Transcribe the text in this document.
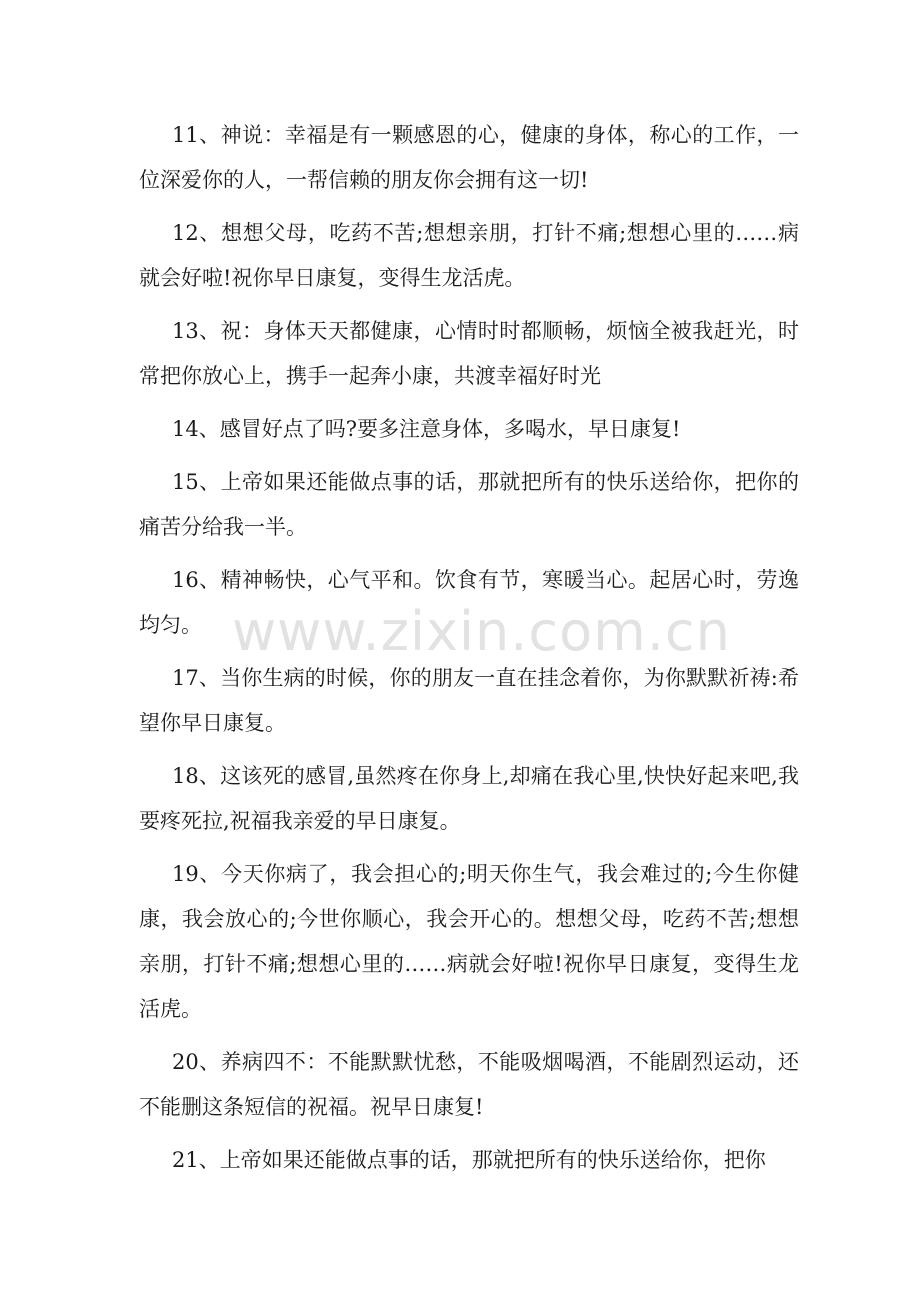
11、神说：幸福是有一颗感恩的心，健康的身体，称心的工作，一位深爱你的人，一帮信赖的朋友你会拥有这一切!

12、想想父母，吃药不苦;想想亲朋，打针不痛;想想心里的……病就会好啦!祝你早日康复，变得生龙活虎。

13、祝：身体天天都健康，心情时时都顺畅，烦恼全被我赶光，时常把你放心上，携手一起奔小康，共渡幸福好时光

14、感冒好点了吗?要多注意身体，多喝水，早日康复!

15、上帝如果还能做点事的话，那就把所有的快乐送给你，把你的痛苦分给我一半。

16、精神畅快，心气平和。饮食有节，寒暖当心。起居心时，劳逸均匀。

17、当你生病的时候，你的朋友一直在挂念着你，为你默默祈祷:希望你早日康复。

18、这该死的感冒,虽然疼在你身上,却痛在我心里,快快好起来吧,我要疼死拉,祝福我亲爱的早日康复。

19、今天你病了，我会担心的;明天你生气，我会难过的;今生你健康，我会放心的;今世你顺心，我会开心的。想想父母，吃药不苦;想想亲朋，打针不痛;想想心里的……病就会好啦!祝你早日康复，变得生龙活虎。

20、养病四不：不能默默忧愁，不能吸烟喝酒，不能剧烈运动，还不能删这条短信的祝福。祝早日康复!

21、上帝如果还能做点事的话，那就把所有的快乐送给你，把你

www.zixin.com.cn
